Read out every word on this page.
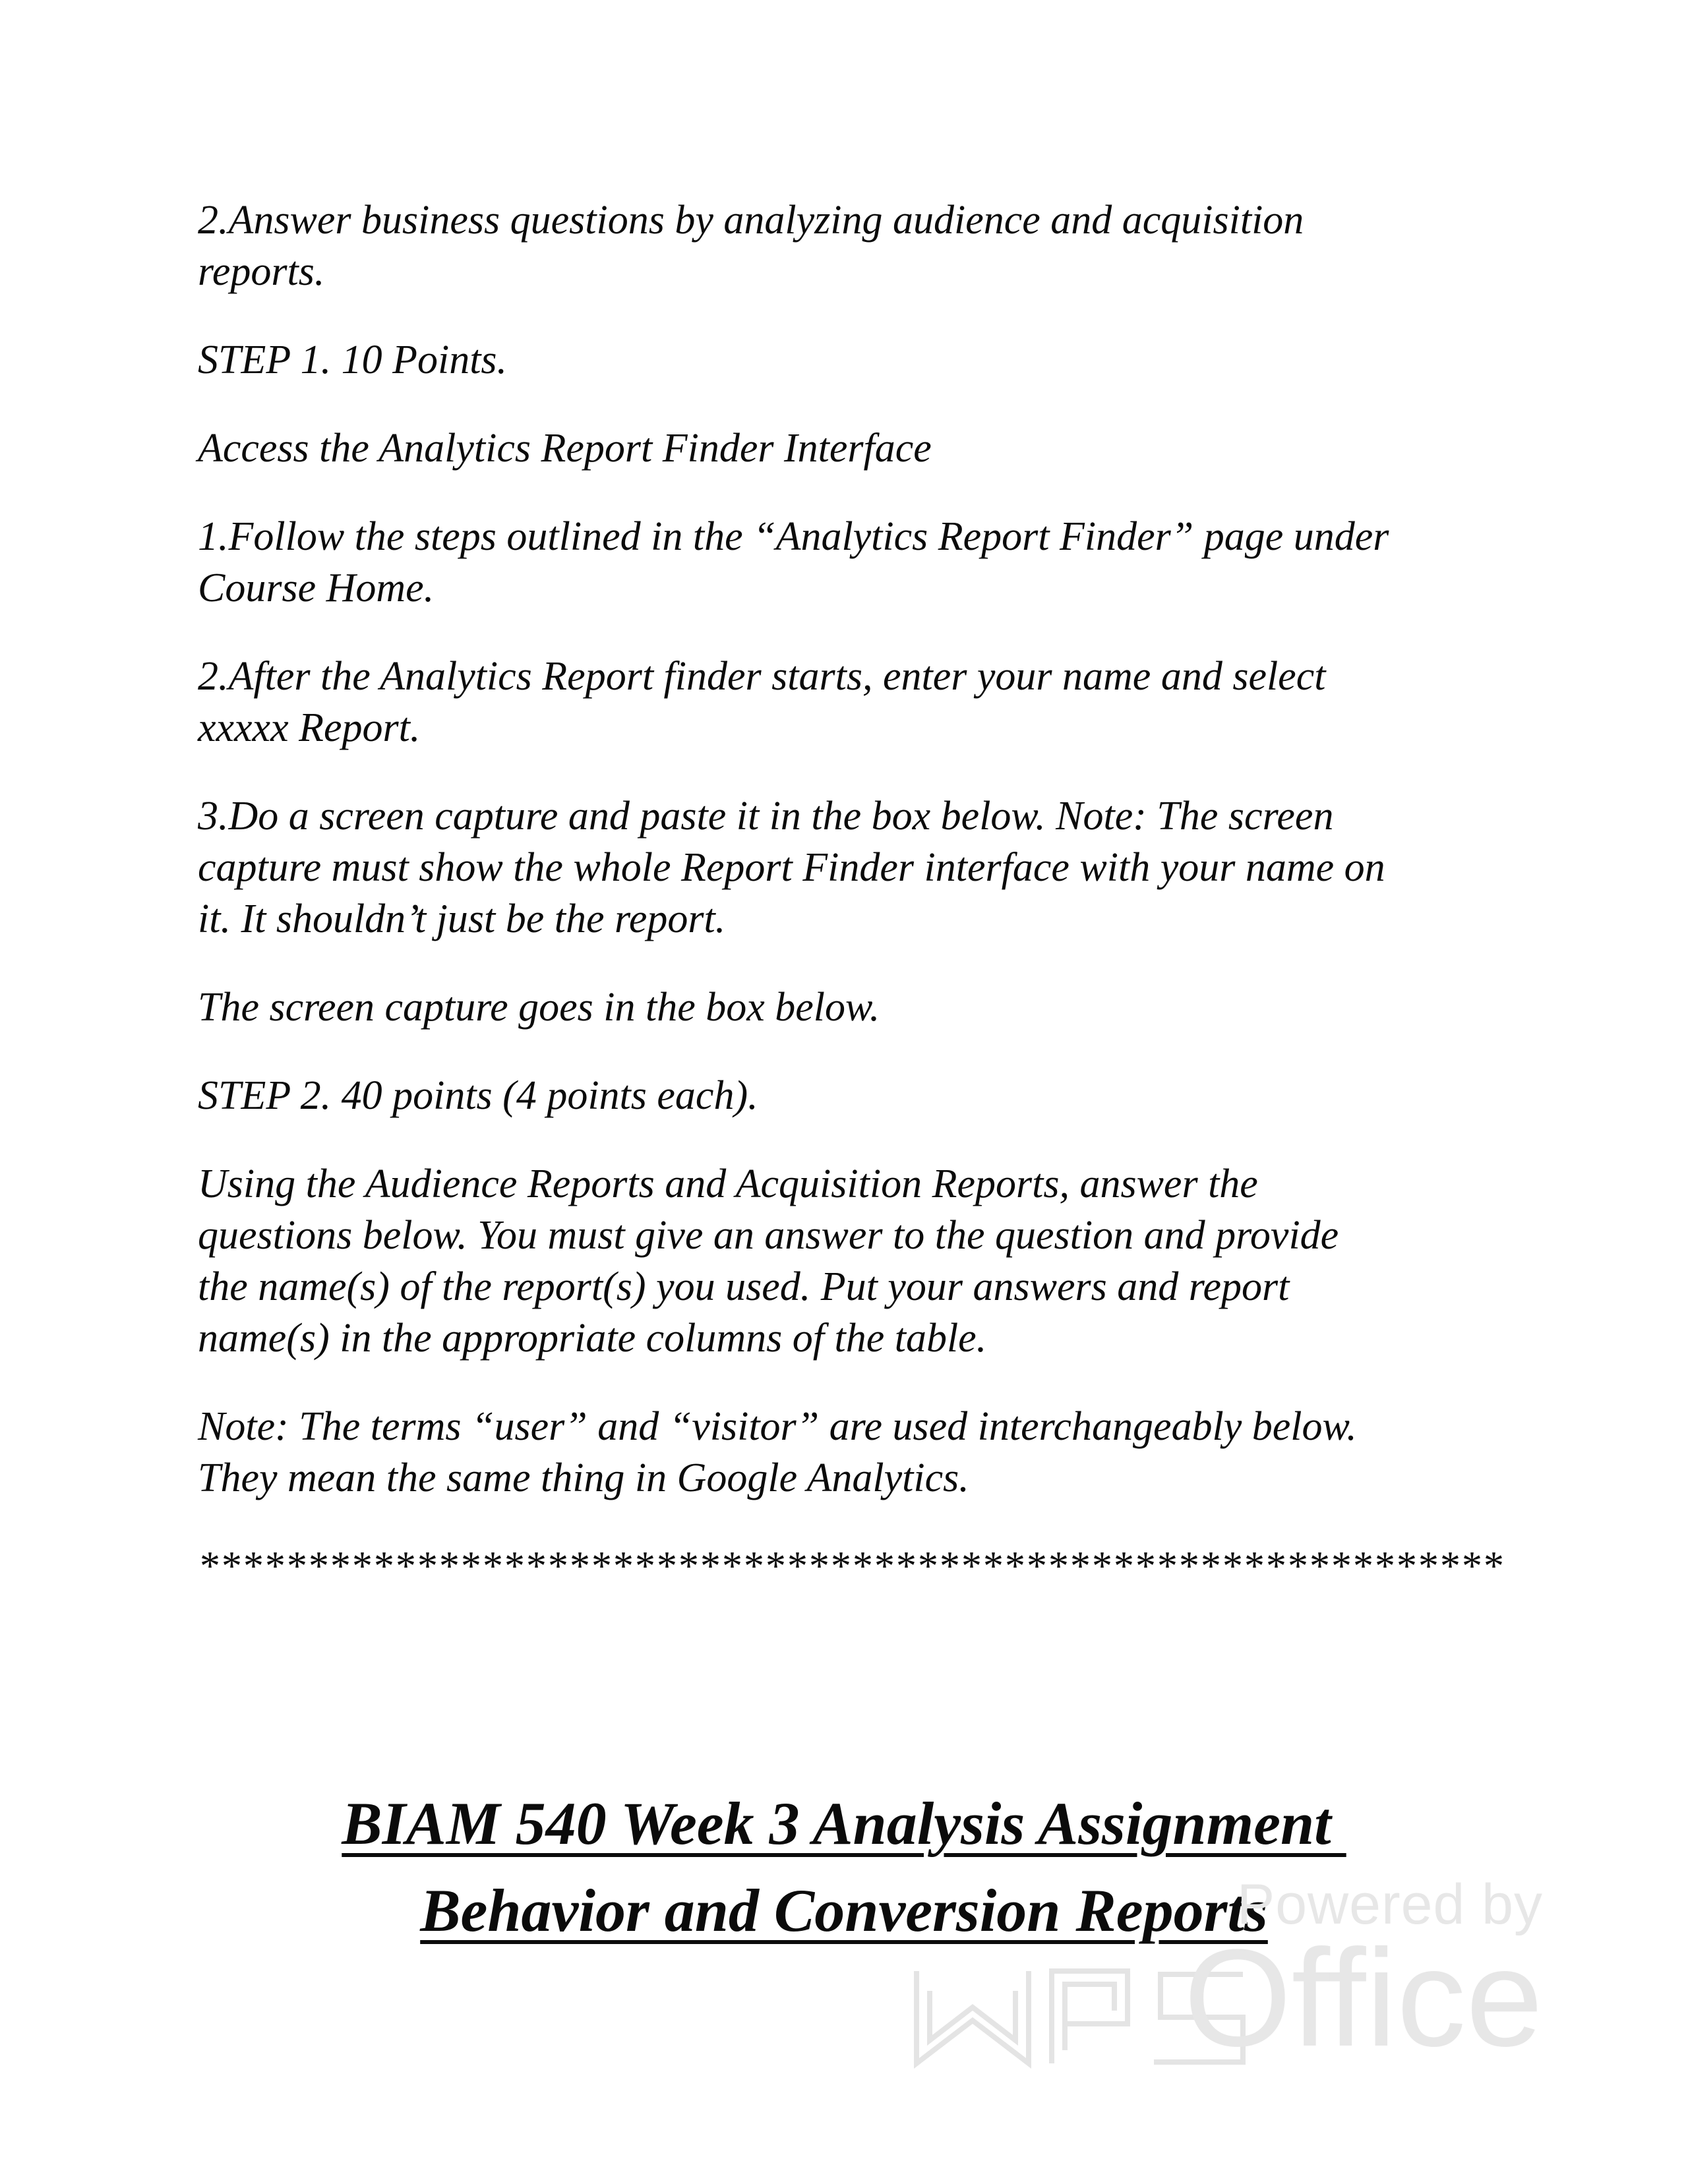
2.Answer business questions by analyzing audience and acquisition
reports.

STEP 1. 10 Points.

Access the Analytics Report Finder Interface

1.Follow the steps outlined in the “Analytics Report Finder” page under
Course Home.

2.After the Analytics Report finder starts, enter your name and select
xxxxx Report.

3.Do a screen capture and paste it in the box below. Note: The screen
capture must show the whole Report Finder interface with your name on
it. It shouldn’t just be the report.

The screen capture goes in the box below.

STEP 2. 40 points (4 points each).

Using the Audience Reports and Acquisition Reports, answer the
questions below. You must give an answer to the question and provide
the name(s) of the report(s) you used. Put your answers and report
name(s) in the appropriate columns of the table.

Note: The terms “user” and “visitor” are used interchangeably below.
They mean the same thing in Google Analytics.

************************************************************

BIAM 540 Week 3 Analysis Assignment
Behavior and Conversion Reports
Powered by
Office
